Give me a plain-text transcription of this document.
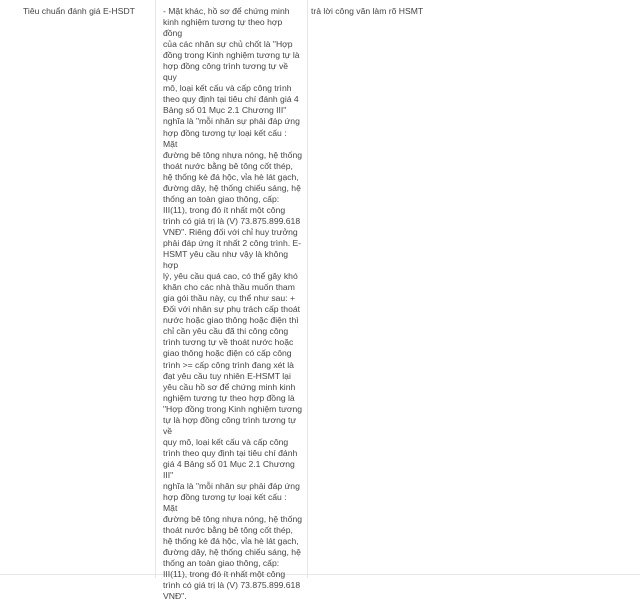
Tiêu chuẩn đánh giá E-HSDT	- Mặt khác, hồ sơ để chứng minh
kinh nghiệm tương tự theo hợp đồng
của các nhân sự chủ chốt là "Hợp
đồng trong Kinh nghiệm tương tự là
hợp đồng công trình tương tự về quy
mô, loại kết cấu và cấp công trình
theo quy định tại tiêu chí đánh giá 4
Bảng số 01 Mục 2.1 Chương III"
nghĩa là "mỗi nhân sự phải đáp ứng
hợp đồng tương tự loại kết cấu : Mặt
đường bê tông nhựa nóng, hệ thống
thoát nước bằng bê tông cốt thép,
hệ thống kè đá hộc, vỉa hè lát gạch,
đường dây, hệ thống chiếu sáng, hệ
thống an toàn giao thông, cấp:
III(11), trong đó ít nhất một công
trình có giá trị là (V) 73.875.899.618
VNĐ". Riêng đối với chỉ huy trưởng
phải đáp ứng ít nhất 2 công trình. E-
HSMT yêu cầu như vậy là không hợp
lý, yêu cầu quá cao, có thể gây khó
khăn cho các nhà thầu muốn tham
gia gói thầu này, cụ thể như sau: +
Đối với nhân sự phụ trách cấp thoát
nước hoặc giao thông hoặc điện thì
chỉ cần yêu cầu đã thi công công
trình tương tự về thoát nước hoặc
giao thông hoặc điện có cấp công
trình >= cấp công trình đang xét là
đạt yêu cầu tuy nhiên E-HSMT lại
yêu cầu hồ sơ để chứng minh kinh
nghiệm tương tự theo hợp đồng là
"Hợp đồng trong Kinh nghiệm tương
tự là hợp đồng công trình tương tự về
quy mô, loại kết cấu và cấp công
trình theo quy định tại tiêu chí đánh
giá 4 Bảng số 01 Mục 2.1 Chương III"
nghĩa là "mỗi nhân sự phải đáp ứng
hợp đồng tương tự loại kết cấu : Mặt
đường bê tông nhựa nóng, hệ thống
thoát nước bằng bê tông cốt thép,
hệ thống kè đá hộc, vỉa hè lát gạch,
đường dây, hệ thống chiếu sáng, hệ
thống an toàn giao thông, cấp:
III(11), trong đó ít nhất một công
trình có giá trị là (V) 73.875.899.618
VNĐ".
trả lời công văn làm rõ HSMT
